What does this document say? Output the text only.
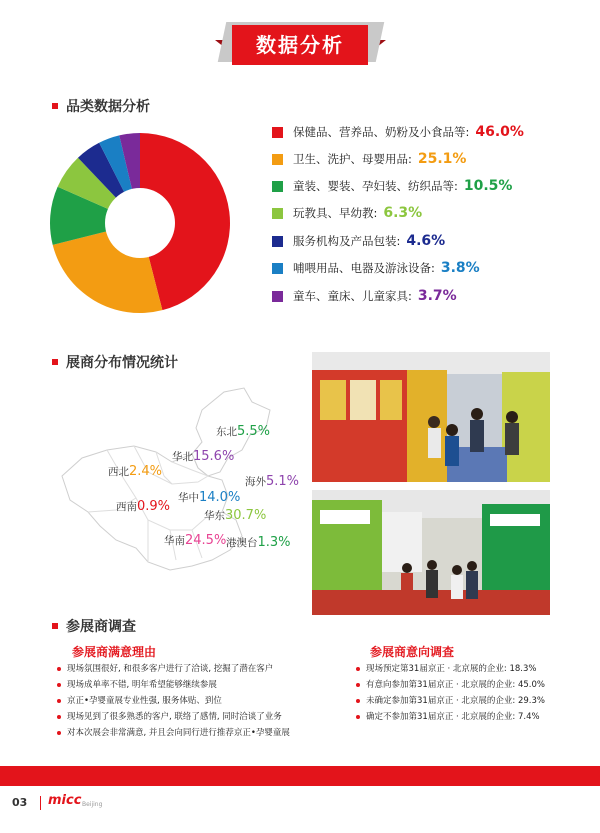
数据分析
品类数据分析
保健品、营养品、奶粉及小食品等: 46.0%
卫生、洗护、母婴用品: 25.1%
童装、婴装、孕妇装、纺织品等: 10.5%
玩教具、早幼教: 6.3%
服务机构及产品包装: 4.6%
哺喂用品、电器及游泳设备: 3.8%
童车、童床、儿童家具: 3.7%
展商分布情况统计
东北5.5%
华北15.6%
西北2.4%
海外5.1%
华中14.0%
西南0.9%
华东30.7%
华南24.5% 港澳台1.3%
参展商调查
参展商满意理由
现场氛围很好, 和很多客户进行了洽谈, 挖掘了潜在客户
现场成单率不错, 明年希望能够继续参展
京正•孕婴童展专业性强, 服务体贴、到位
现场见到了很多熟悉的客户, 联络了感情, 同时洽谈了业务
对本次展会非常满意, 并且会向同行进行推荐京正•孕婴童展
参展商意向调查
现场预定第31届京正 · 北京展的企业: 18.3%
有意向参加第31届京正 · 北京展的企业: 45.0%
未确定参加第31届京正 · 北京展的企业: 29.3%
确定不参加第31届京正 · 北京展的企业: 7.4%
03 micc Beijing
